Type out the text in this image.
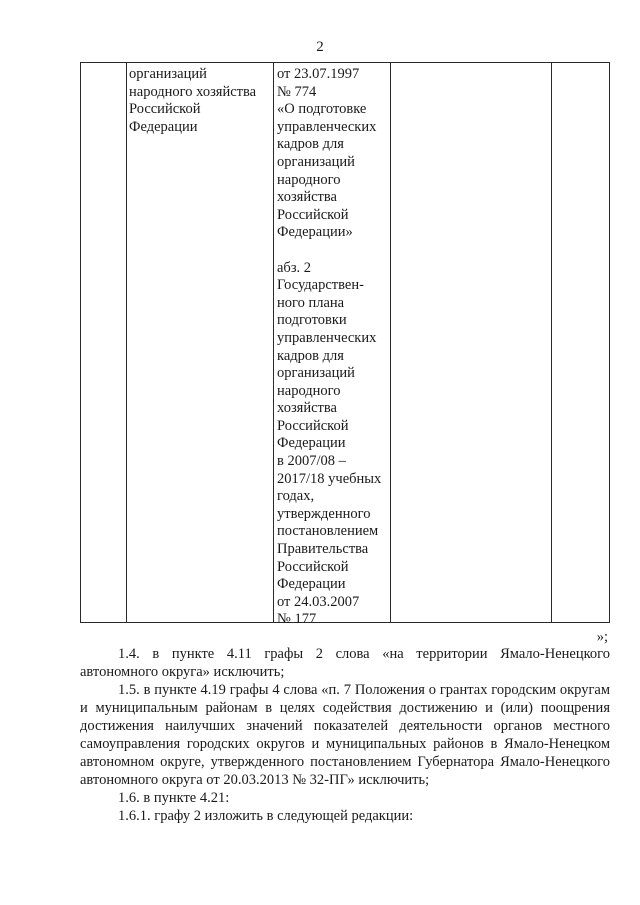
2
организаций
народного хозяйства
Российской
Федерации
от 23.07.1997
№ 774
«О подготовке
управленческих
кадров для
организаций
народного
хозяйства
Российской
Федерации»

абз. 2
Государствен-
ного плана
подготовки
управленческих
кадров для
организаций
народного
хозяйства
Российской
Федерации
в 2007/08 –
2017/18 учебных
годах,
утвержденного
постановлением
Правительства
Российской
Федерации
от 24.03.2007
№ 177
»;

1.4. в пункте 4.11 графы 2 слова «на территории Ямало-Ненецкого автономного округа» исключить;

1.5. в пункте 4.19 графы 4 слова «п. 7 Положения о грантах городским округам и муниципальным районам в целях содействия достижению и (или) поощрения достижения наилучших значений показателей деятельности органов местного самоуправления городских округов и муниципальных районов в Ямало-Ненецком автономном округе, утвержденного постановлением Губернатора Ямало-Ненецкого автономного округа от 20.03.2013 № 32-ПГ» исключить;

1.6. в пункте 4.21:

1.6.1. графу 2 изложить в следующей редакции:
